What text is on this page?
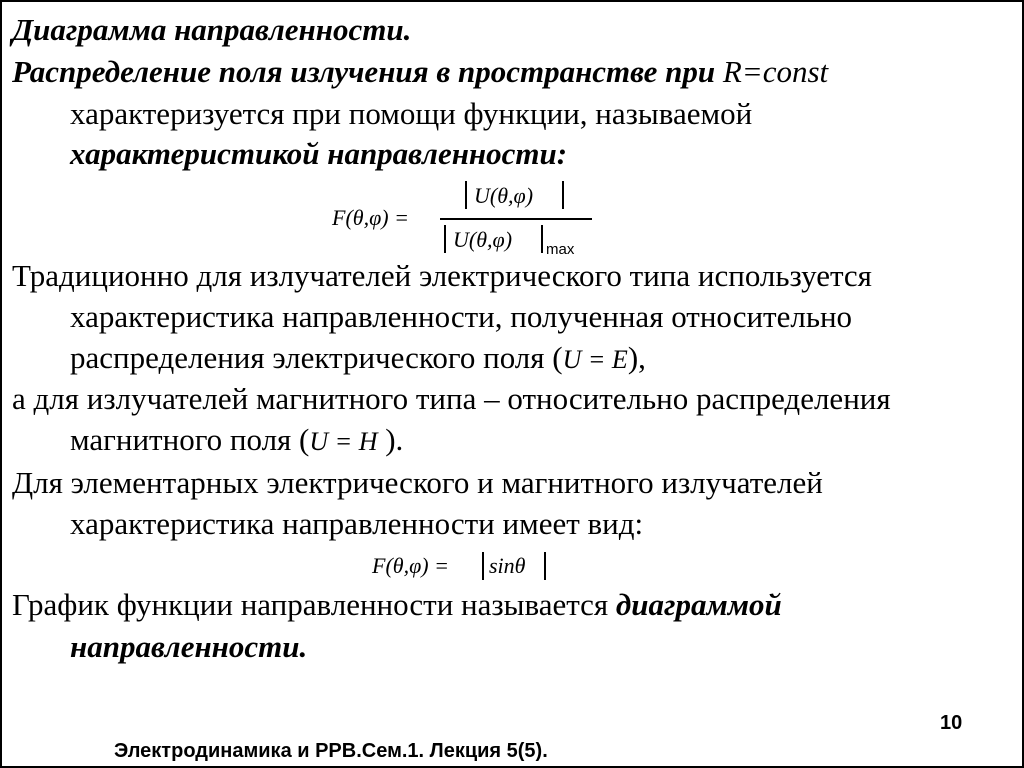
Диаграмма направленности.
Распределение поля излучения в пространстве при R=const
характеризуется при помощи функции, называемой
характеристикой направленности:
F(θ,φ) =
U(θ,φ)
U(θ,φ) max
Традиционно для излучателей электрического типа используется
характеристика направленности, полученная относительно
распределения электрического поля (U = E),
а для излучателей магнитного типа – относительно распределения
магнитного поля (U = H ).
Для элементарных электрического и магнитного излучателей
характеристика направленности имеет вид:
F(θ,φ) = sinθ
График функции направленности называется диаграммой
направленности.
10
Электродинамика и РРВ.Сем.1. Лекция 5(5).
